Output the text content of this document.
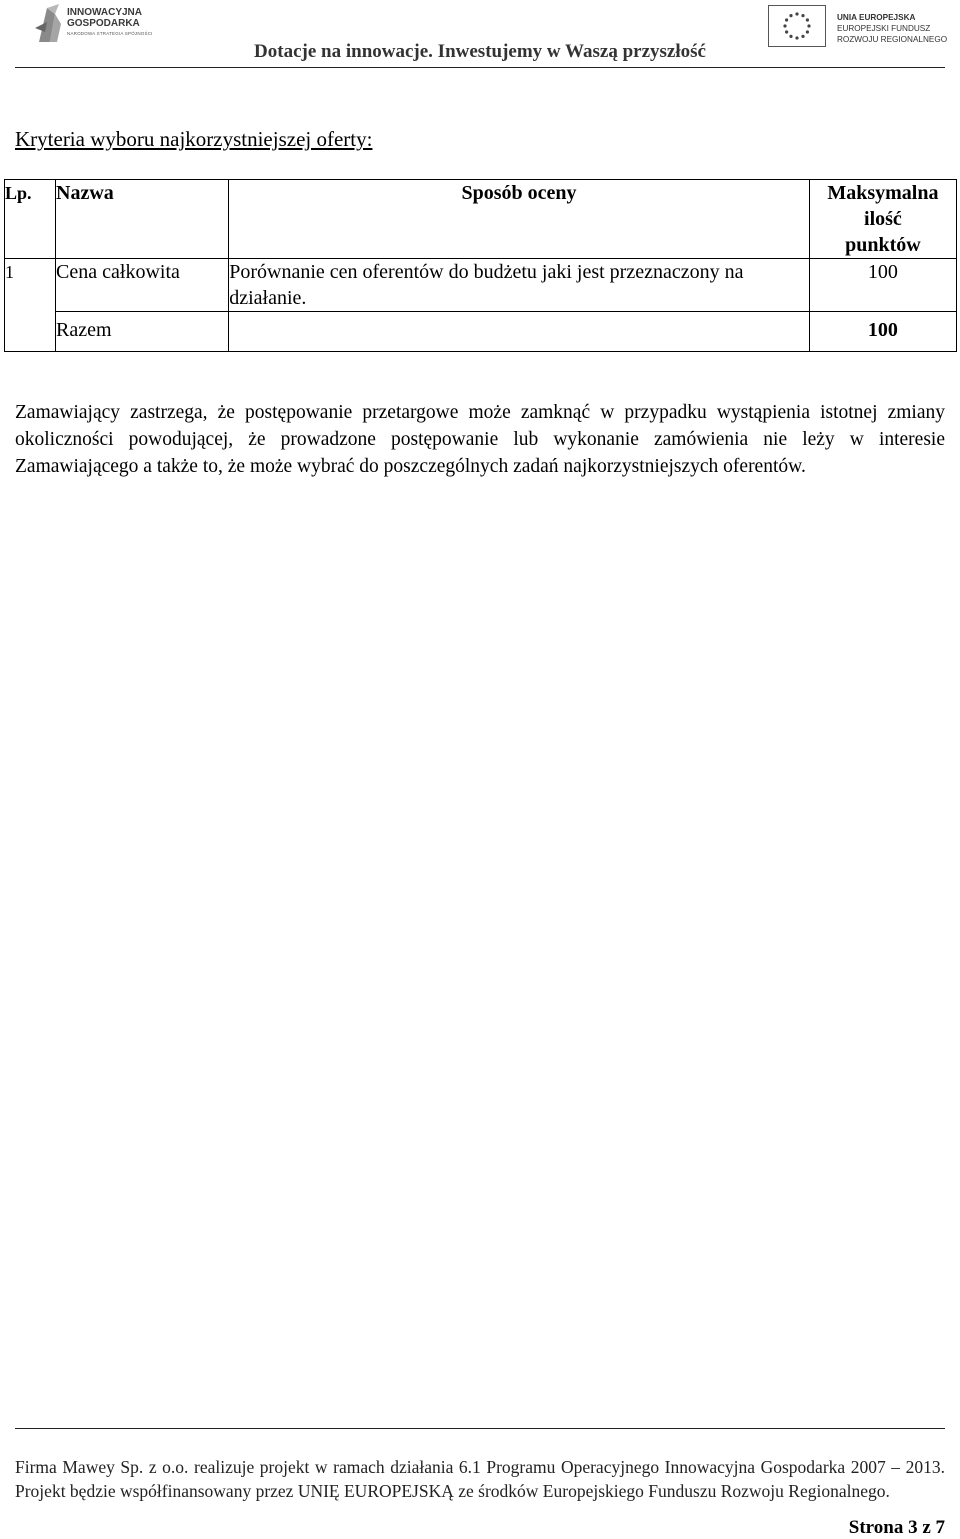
INNOWACYJNA
GOSPODARKA
NARODOWA STRATEGIA SPÓJNOŚCI
Dotacje na innowacje. Inwestujemy w Waszą przyszłość
UNIA EUROPEJSKA
EUROPEJSKI FUNDUSZ
ROZWOJU REGIONALNEGO
Kryteria wyboru najkorzystniejszej oferty:
Lp.	Nazwa	Sposób oceny	Maksymalna
ilość
punktów

1	Cena całkowita	Porównanie cen oferentów do budżetu jaki jest przeznaczony na działanie.	100
	Razem		100
Zamawiający zastrzega, że postępowanie przetargowe może zamknąć w przypadku wystąpienia istotnej zmiany okoliczności powodującej, że prowadzone postępowanie lub wykonanie zamówienia nie leży w interesie Zamawiającego a także to, że może wybrać do poszczególnych zadań najkorzystniejszych oferentów.
Firma Mawey Sp. z o.o. realizuje projekt w ramach działania 6.1 Programu Operacyjnego Innowacyjna Gospodarka 2007 – 2013. Projekt będzie współfinansowany przez UNIĘ EUROPEJSKĄ ze środków Europejskiego Funduszu Rozwoju Regionalnego.
Strona 3 z 7
